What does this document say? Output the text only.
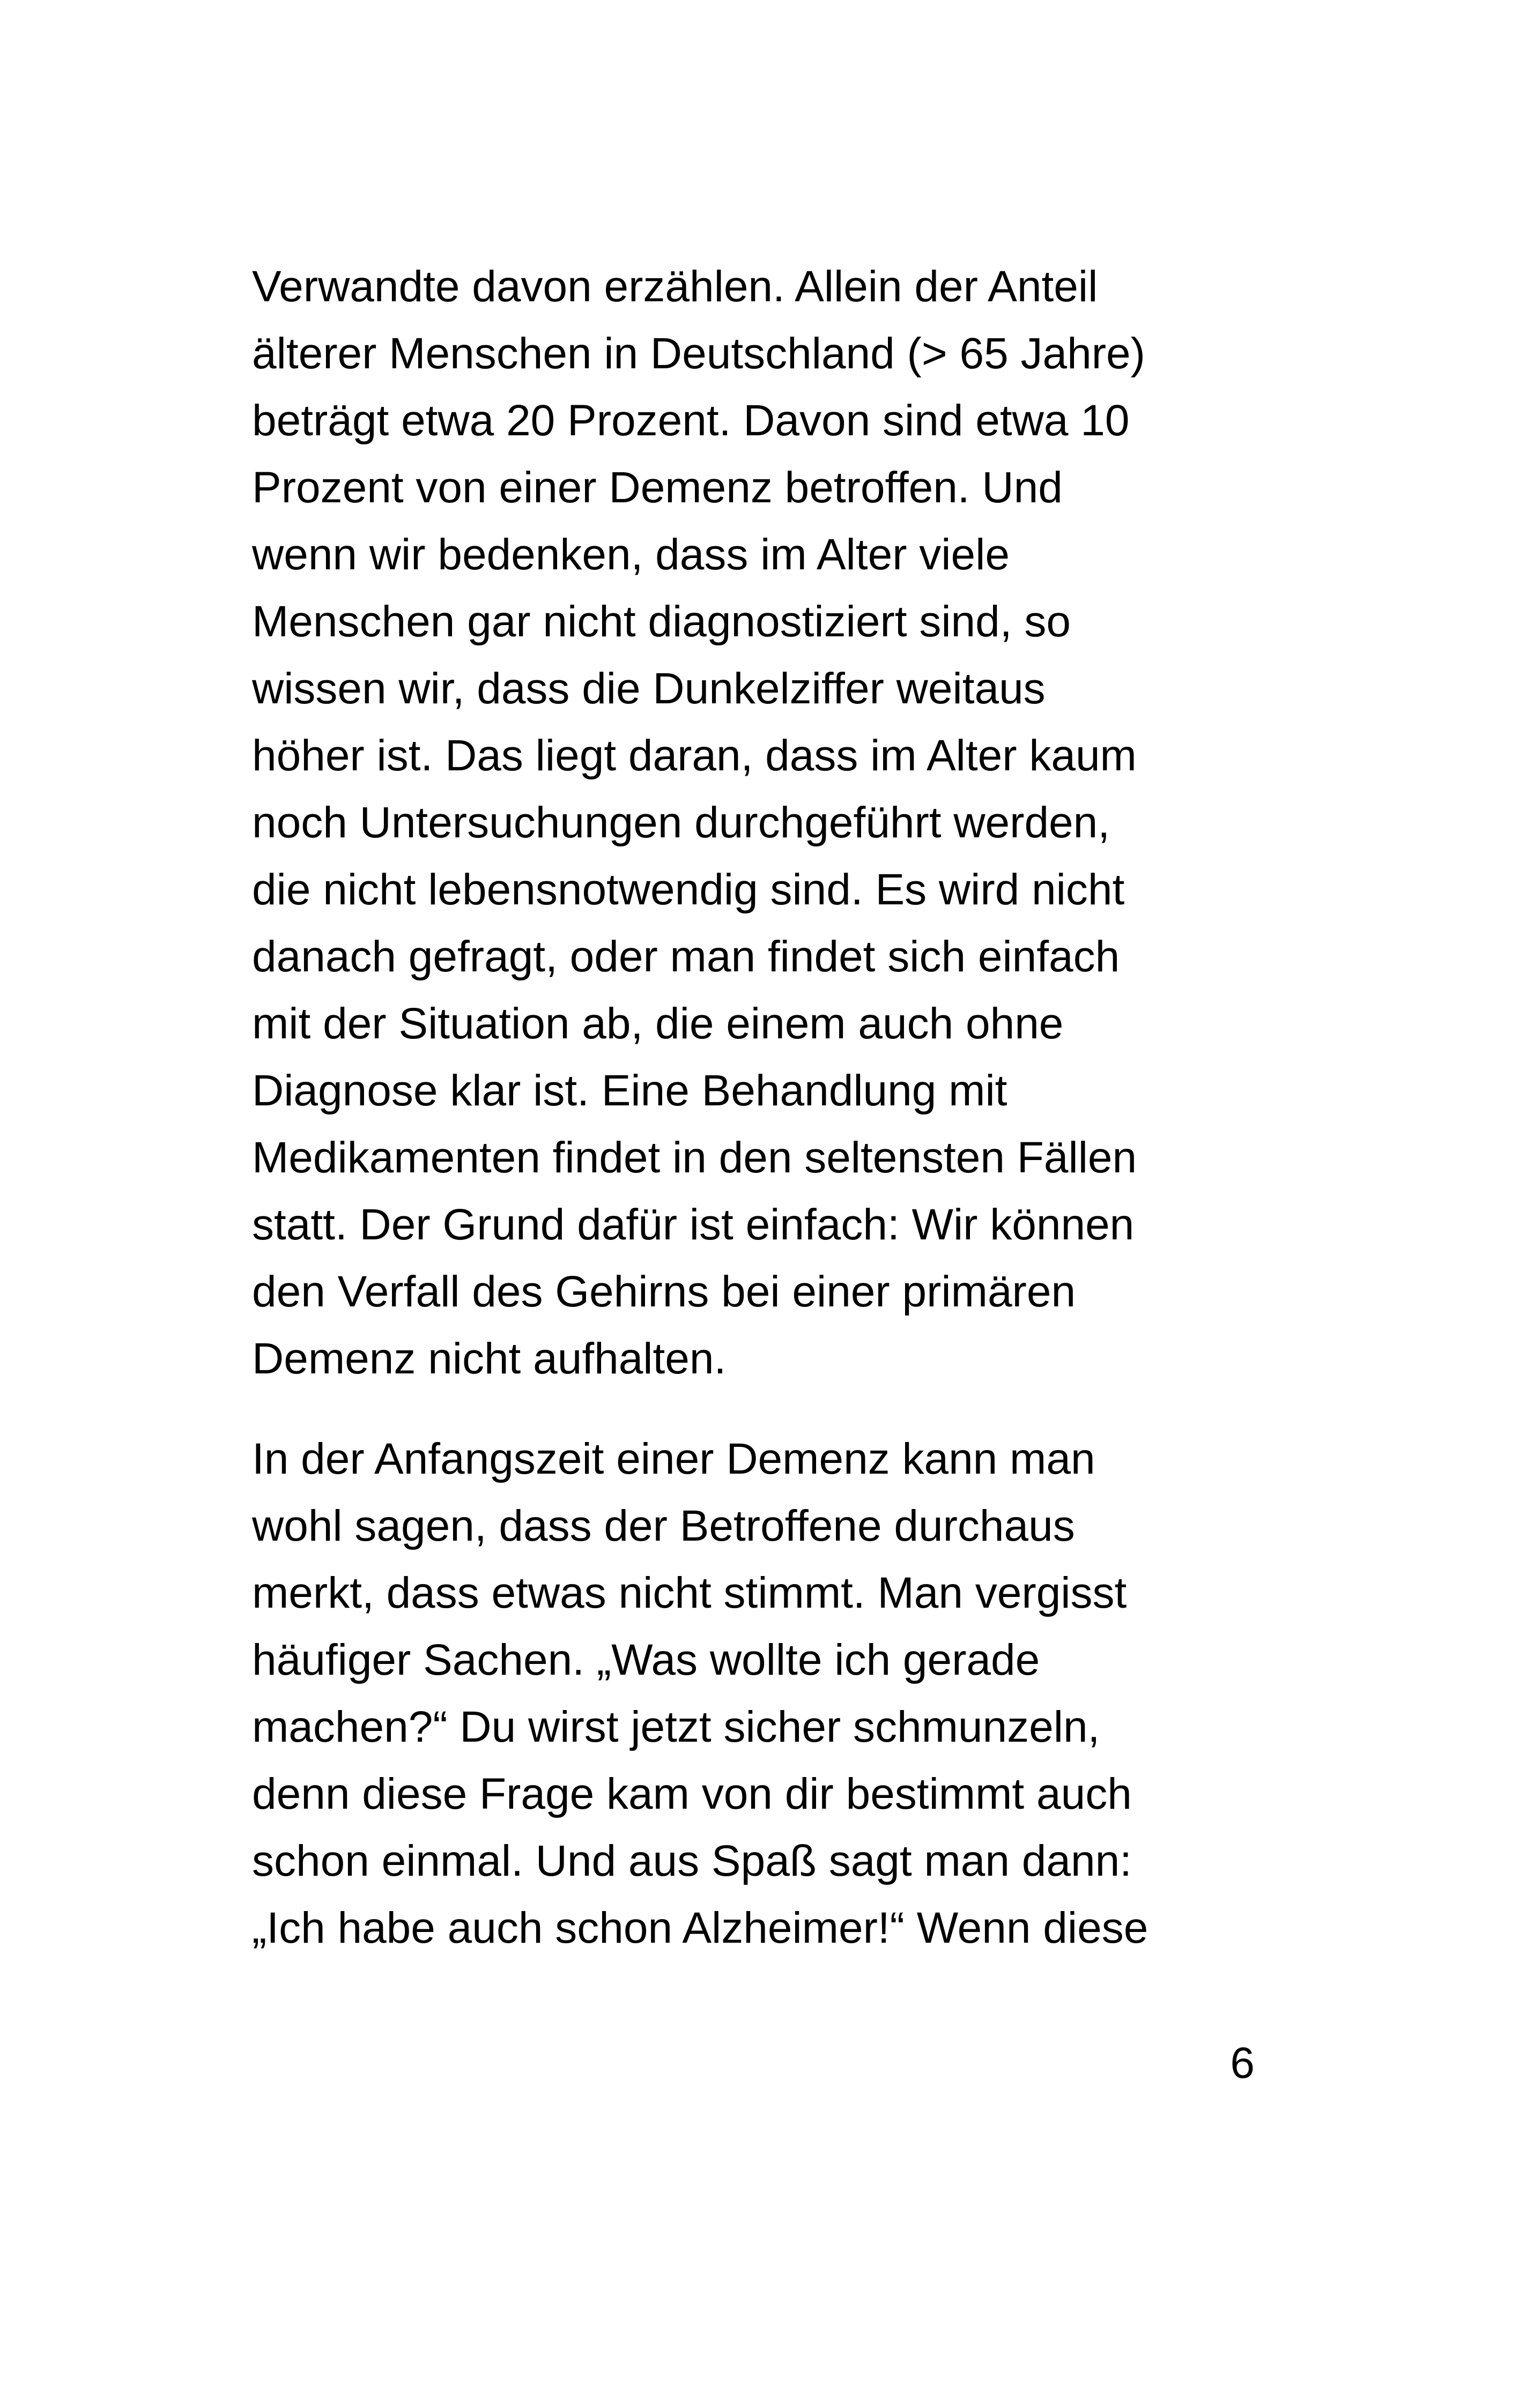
Verwandte davon erzählen. Allein der Anteil
älterer Menschen in Deutschland (> 65 Jahre)
beträgt etwa 20 Prozent. Davon sind etwa 10
Prozent von einer Demenz betroffen. Und
wenn wir bedenken, dass im Alter viele
Menschen gar nicht diagnostiziert sind, so
wissen wir, dass die Dunkelziffer weitaus
höher ist. Das liegt daran, dass im Alter kaum
noch Untersuchungen durchgeführt werden,
die nicht lebensnotwendig sind. Es wird nicht
danach gefragt, oder man findet sich einfach
mit der Situation ab, die einem auch ohne
Diagnose klar ist. Eine Behandlung mit
Medikamenten findet in den seltensten Fällen
statt. Der Grund dafür ist einfach: Wir können
den Verfall des Gehirns bei einer primären
Demenz nicht aufhalten.

In der Anfangszeit einer Demenz kann man
wohl sagen, dass der Betroffene durchaus
merkt, dass etwas nicht stimmt. Man vergisst
häufiger Sachen. „Was wollte ich gerade
machen?“ Du wirst jetzt sicher schmunzeln,
denn diese Frage kam von dir bestimmt auch
schon einmal. Und aus Spaß sagt man dann:
„Ich habe auch schon Alzheimer!“ Wenn diese

6
